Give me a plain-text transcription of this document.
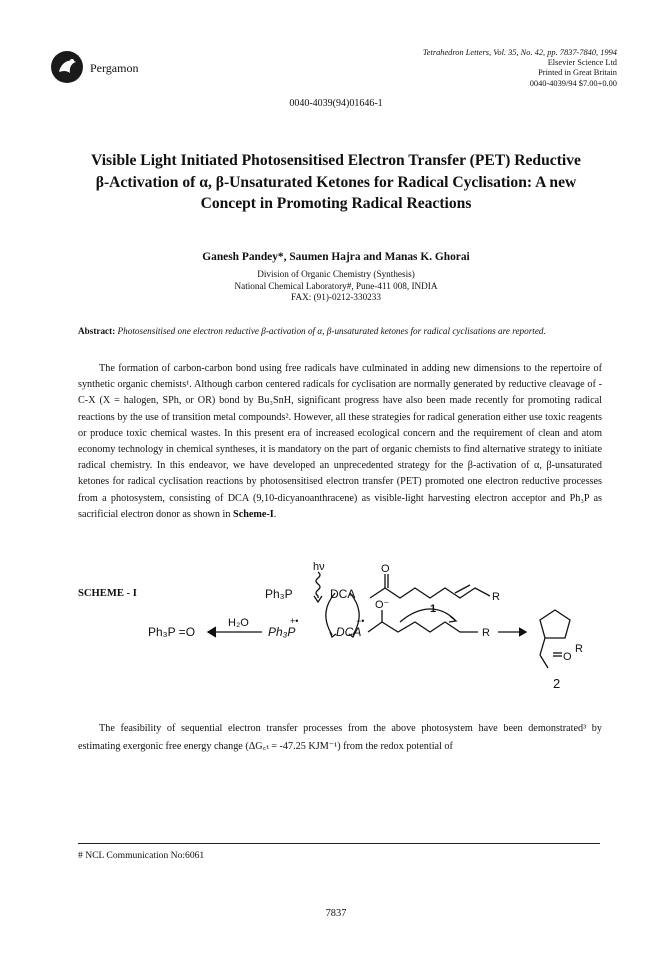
Pergamon
Tetrahedron Letters, Vol. 35, No. 42, pp. 7837-7840, 1994
Elsevier Science Ltd
Printed in Great Britain
0040-4039/94 $7.00+0.00
0040-4039(94)01646-1
Visible Light Initiated Photosensitised Electron Transfer (PET) Reductive
β-Activation of α, β-Unsaturated Ketones for Radical Cyclisation: A new
Concept in Promoting Radical Reactions
Ganesh Pandey*, Saumen Hajra and Manas K. Ghorai
Division of Organic Chemistry (Synthesis)
National Chemical Laboratory#, Pune-411 008, INDIA
FAX: (91)-0212-330233
Abstract: Photosensitised one electron reductive β-activation of α, β-unsaturated ketones for radical cyclisations are reported.

The formation of carbon-carbon bond using free radicals have culminated in adding new dimensions to the repertoire of synthetic organic chemists¹. Although carbon centered radicals for cyclisation are normally generated by reductive cleavage of -C-X (X = halogen, SPh, or OR) bond by Bu₃SnH, significant progress have also been made recently for promoting radical reactions by the use of transition metal compounds². However, all these strategies for radical generation either use toxic reagents or produce toxic chemical wastes. In this present era of increased ecological concern and the requirement of clean and atom economy technology in chemical syntheses, it is mandatory on the part of organic chemists to find alternative strategy to initiate radical chemistry. In this endeavor, we have developed an unprecedented strategy for the β-activation of α, β-unsaturated ketones for radical cyclisation reactions by photosensitised electron transfer (PET) promoted one electron reductive processes from a photosystem, consisting of DCA (9,10-dicyanoanthracene) as visible-light harvesting electron acceptor and Ph₃P as sacrificial electron donor as shown in Scheme-I.

SCHEME - I
hν
Ph₃P	DCA
H₂O
Ph₃P =O	Ph₃P
+•
DCA
−•
O
O⁻
R
R
1
O
R
2

The feasibility of sequential electron transfer processes from the above photosystem have been demonstrated³ by estimating exergonic free energy change (ΔG꜀ₜ = -47.25 KJM⁻¹) from the redox potential of

# NCL Communication No:6061
7837
